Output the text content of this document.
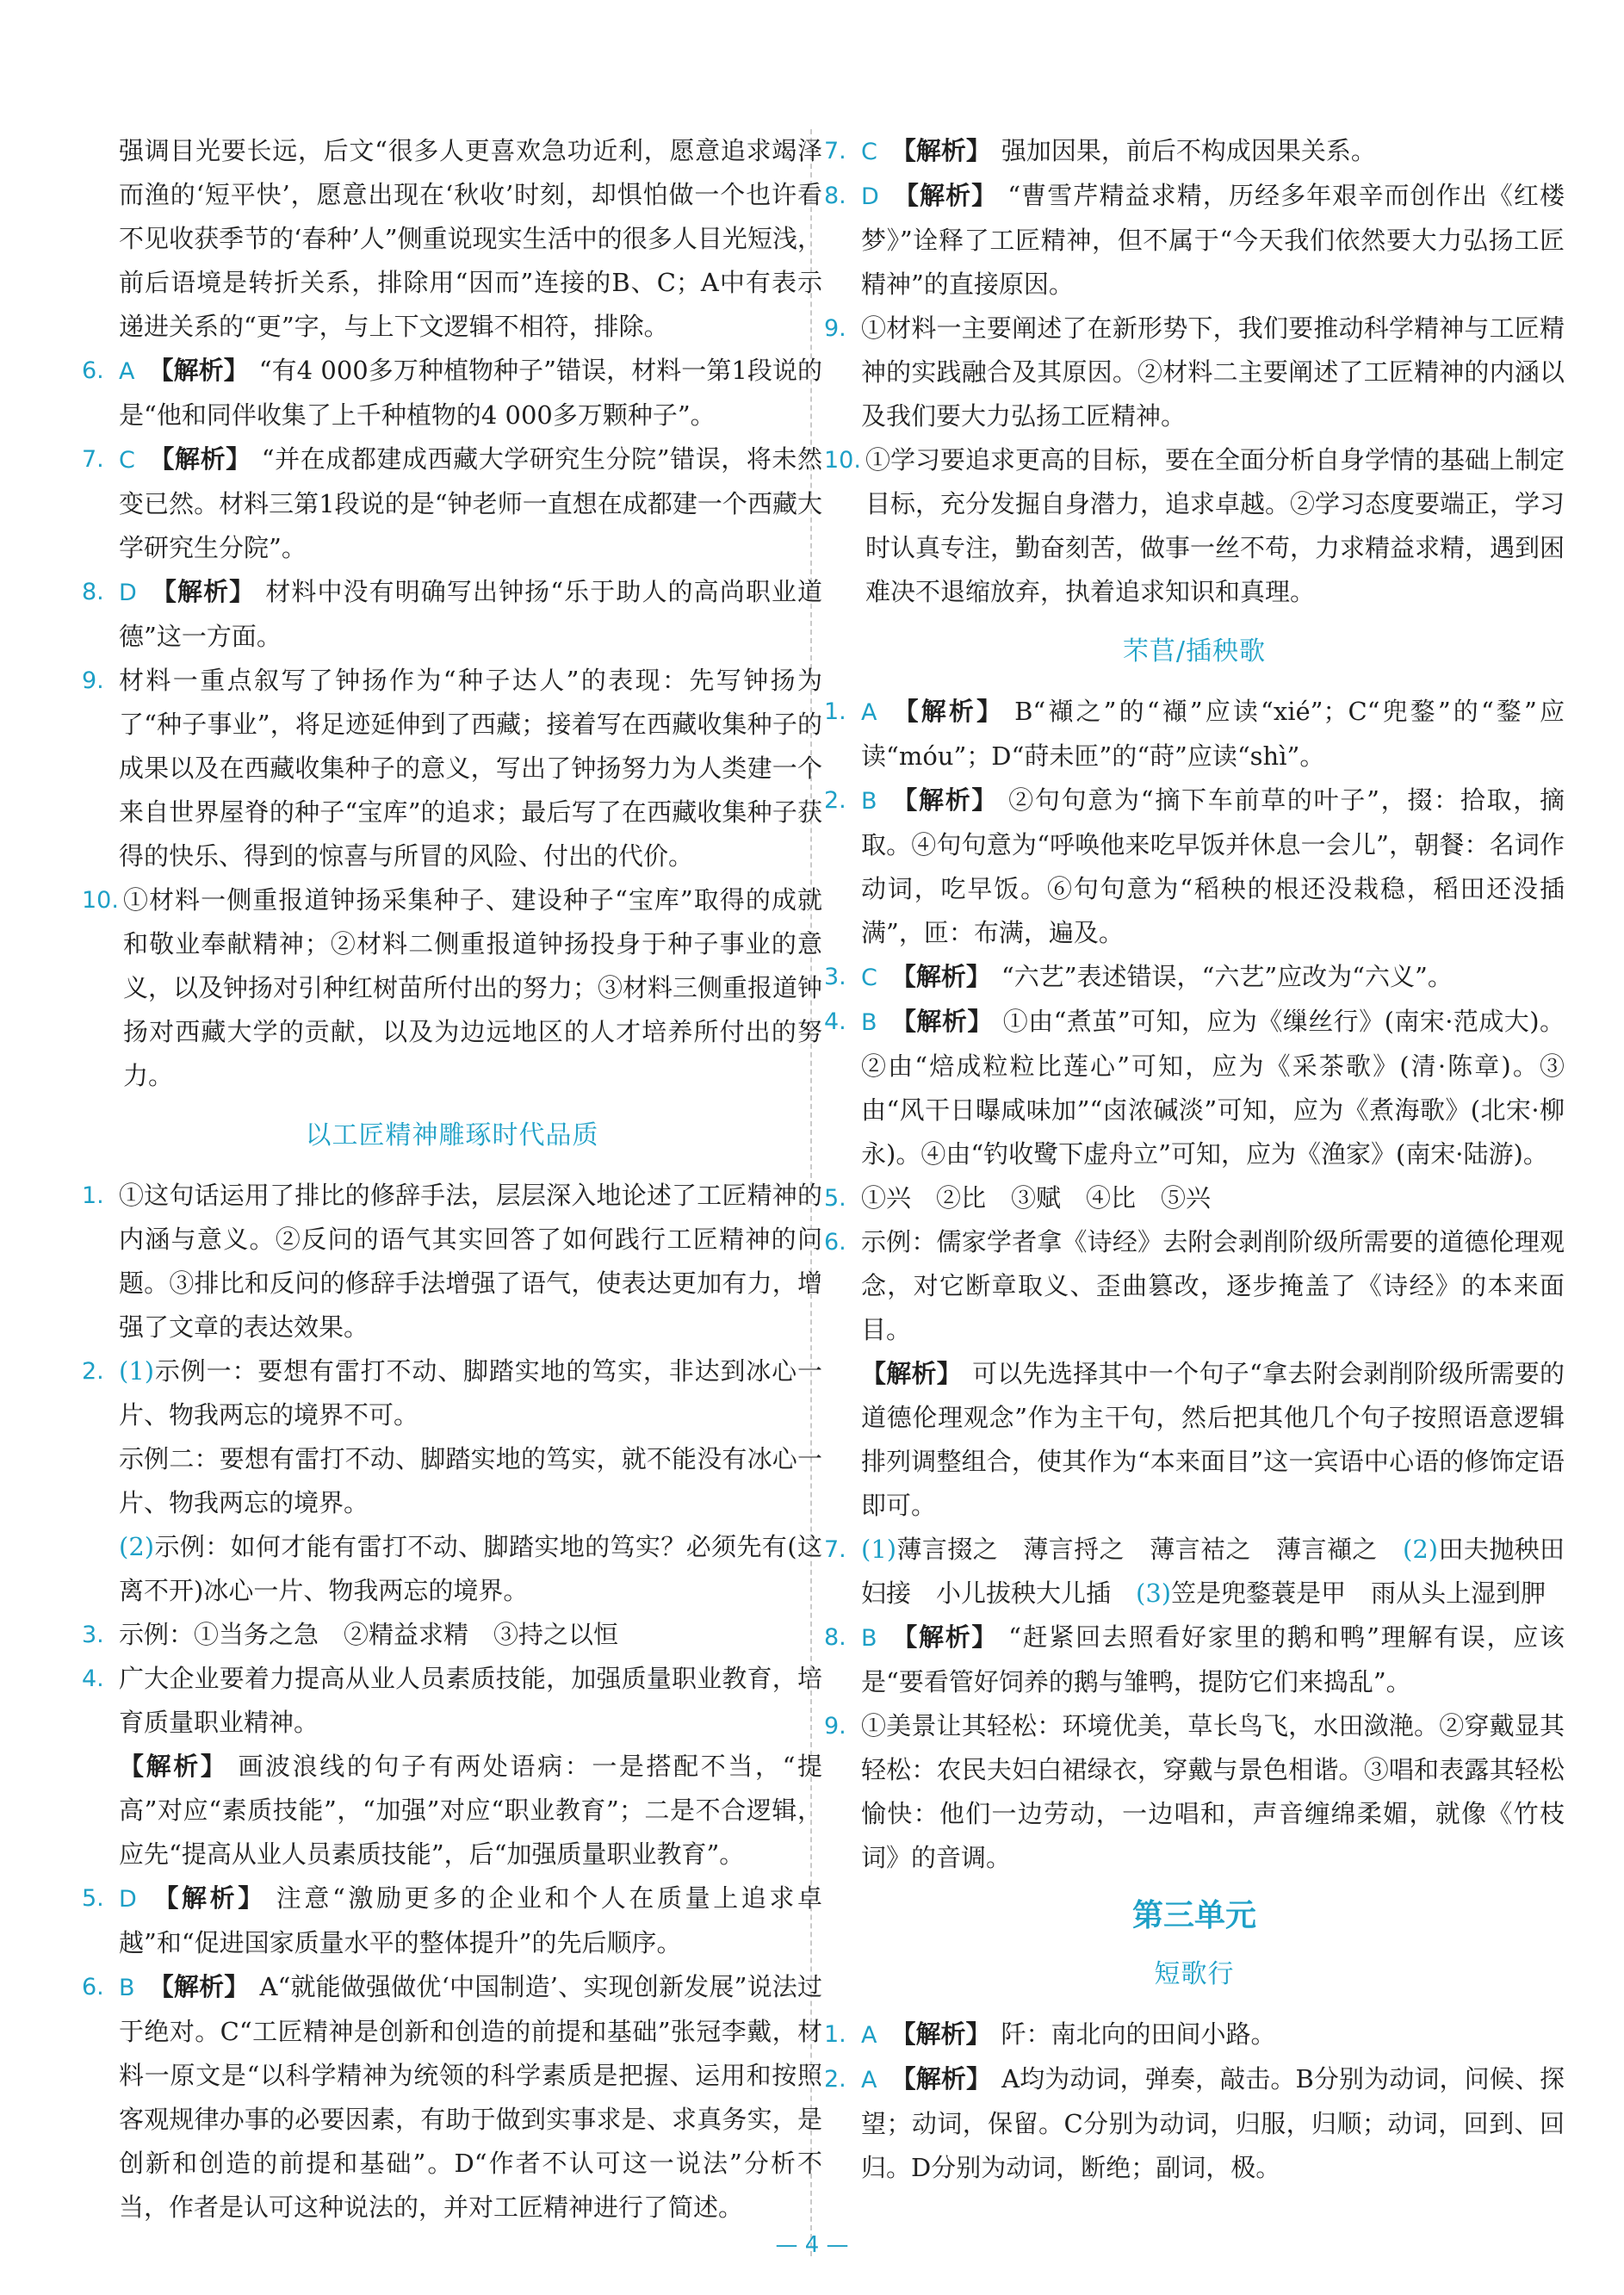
强调目光要长远，后文“很多人更喜欢急功近利，愿意追求竭泽而渔的‘短平快’，愿意出现在‘秋收’时刻，却惧怕做一个也许看不见收获季节的‘春种’人”侧重说现实生活中的很多人目光短浅，前后语境是转折关系，排除用“因而”连接的B、C；A中有表示递进关系的“更”字，与上下文逻辑不相符，排除。
6. A 【解析】 “有4 000多万种植物种子”错误，材料一第1段说的是“他和同伴收集了上千种植物的4 000多万颗种子”。
7. C 【解析】 “并在成都建成西藏大学研究生分院”错误，将未然变已然。材料三第1段说的是“钟老师一直想在成都建一个西藏大学研究生分院”。
8. D 【解析】 材料中没有明确写出钟扬“乐于助人的高尚职业道德”这一方面。
9. 材料一重点叙写了钟扬作为“种子达人”的表现：先写钟扬为了“种子事业”，将足迹延伸到了西藏；接着写在西藏收集种子的成果以及在西藏收集种子的意义，写出了钟扬努力为人类建一个来自世界屋脊的种子“宝库”的追求；最后写了在西藏收集种子获得的快乐、得到的惊喜与所冒的风险、付出的代价。
10. ①材料一侧重报道钟扬采集种子、建设种子“宝库”取得的成就和敬业奉献精神；②材料二侧重报道钟扬投身于种子事业的意义，以及钟扬对引种红树苗所付出的努力；③材料三侧重报道钟扬对西藏大学的贡献，以及为边远地区的人才培养所付出的努力。
以工匠精神雕琢时代品质
1. ①这句话运用了排比的修辞手法，层层深入地论述了工匠精神的内涵与意义。②反问的语气其实回答了如何践行工匠精神的问题。③排比和反问的修辞手法增强了语气，使表达更加有力，增强了文章的表达效果。
2. (1)示例一：要想有雷打不动、脚踏实地的笃实，非达到冰心一片、物我两忘的境界不可。
示例二：要想有雷打不动、脚踏实地的笃实，就不能没有冰心一片、物我两忘的境界。
(2)示例：如何才能有雷打不动、脚踏实地的笃实？必须先有(这离不开)冰心一片、物我两忘的境界。
3. 示例：①当务之急　②精益求精　③持之以恒
4. 广大企业要着力提高从业人员素质技能，加强质量职业教育，培育质量职业精神。
【解析】 画波浪线的句子有两处语病：一是搭配不当，“提高”对应“素质技能”，“加强”对应“职业教育”；二是不合逻辑，应先“提高从业人员素质技能”，后“加强质量职业教育”。
5. D 【解析】 注意“激励更多的企业和个人在质量上追求卓越”和“促进国家质量水平的整体提升”的先后顺序。
6. B 【解析】 A“就能做强做优‘中国制造’、实现创新发展”说法过于绝对。C“工匠精神是创新和创造的前提和基础”张冠李戴，材料一原文是“以科学精神为统领的科学素质是把握、运用和按照客观规律办事的必要因素，有助于做到实事求是、求真务实，是创新和创造的前提和基础”。D“作者不认可这一说法”分析不当，作者是认可这种说法的，并对工匠精神进行了简述。
7. C 【解析】 强加因果，前后不构成因果关系。
8. D 【解析】 “曹雪芹精益求精，历经多年艰辛而创作出《红楼梦》”诠释了工匠精神，但不属于“今天我们依然要大力弘扬工匠精神”的直接原因。
9. ①材料一主要阐述了在新形势下，我们要推动科学精神与工匠精神的实践融合及其原因。②材料二主要阐述了工匠精神的内涵以及我们要大力弘扬工匠精神。
10. ①学习要追求更高的目标，要在全面分析自身学情的基础上制定目标，充分发掘自身潜力，追求卓越。②学习态度要端正，学习时认真专注，勤奋刻苦，做事一丝不苟，力求精益求精，遇到困难决不退缩放弃，执着追求知识和真理。
芣苢/插秧歌
1. A 【解析】 B“襭之”的“襭”应读“xié”；C“兜鍪”的“鍪”应读“móu”；D“莳未匝”的“莳”应读“shì”。
2. B 【解析】 ②句句意为“摘下车前草的叶子”，掇：拾取，摘取。④句句意为“呼唤他来吃早饭并休息一会儿”，朝餐：名词作动词，吃早饭。⑥句句意为“稻秧的根还没栽稳，稻田还没插满”，匝：布满，遍及。
3. C 【解析】 “六艺”表述错误，“六艺”应改为“六义”。
4. B 【解析】 ①由“煮茧”可知，应为《缫丝行》(南宋·范成大)。②由“焙成粒粒比莲心”可知，应为《采茶歌》(清·陈章)。③由“风干日曝咸味加”“卤浓碱淡”可知，应为《煮海歌》(北宋·柳永)。④由“钓收鹭下虚舟立”可知，应为《渔家》(南宋·陆游)。
5. ①兴　②比　③赋　④比　⑤兴
6. 示例：儒家学者拿《诗经》去附会剥削阶级所需要的道德伦理观念，对它断章取义、歪曲篡改，逐步掩盖了《诗经》的本来面目。
【解析】 可以先选择其中一个句子“拿去附会剥削阶级所需要的道德伦理观念”作为主干句，然后把其他几个句子按照语意逻辑排列调整组合，使其作为“本来面目”这一宾语中心语的修饰定语即可。
7. (1)薄言掇之　薄言捋之　薄言袺之　薄言襭之　 (2)田夫抛秧田妇接　小儿拔秧大儿插　 (3)笠是兜鍪蓑是甲　雨从头上湿到胛
8. B 【解析】 “赶紧回去照看好家里的鹅和鸭”理解有误，应该是“要看管好饲养的鹅与雏鸭，提防它们来捣乱”。
9. ①美景让其轻松：环境优美，草长鸟飞，水田潋滟。②穿戴显其轻松：农民夫妇白裙绿衣，穿戴与景色相谐。③唱和表露其轻松愉快：他们一边劳动，一边唱和，声音缠绵柔媚，就像《竹枝词》的音调。
第三单元
短歌行
1. A 【解析】 阡：南北向的田间小路。
2. A 【解析】 A均为动词，弹奏，敲击。B分别为动词，问候、探望；动词，保留。C分别为动词，归服，归顺；动词，回到、回归。D分别为动词，断绝；副词，极。
— 4 —
